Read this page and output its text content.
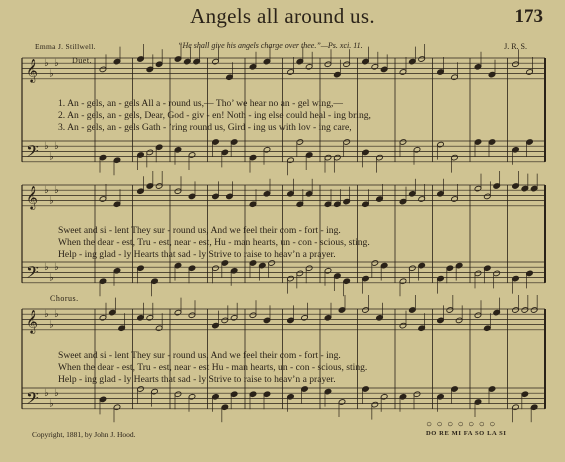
Angels all around us.	173
Emma J. Stillwell.	“He shall give his angels charge over thee.”—Ps. xci. 11.	J. R. S.
𝄞 ♭
♭
♭
𝄢 ♭
♭
♭
𝄞 ♭
♭
♭
𝄢 ♭
♭
♭
𝄞 ♭
♭
♭
𝄢 ♭
♭
♭
Duet.
Chorus.
1. An - gels, an - gels All a - round us,— Tho’ we hear no an - gel wing,—
2. An - gels, an - gels, Dear, God - giv - en! Noth - ing else could heal - ing bring,
3. An - gels, an - gels Gath - ’ring round us, Gird - ing us with lov - ing care,
Sweet and si - lent They sur - round us, And we feel their com - fort - ing.
When the dear - est, Tru - est, near - est, Hu - man hearts, un - con - scious, sting.
Help - ing glad - ly Hearts that sad - ly Strive to raise to heav’n a prayer.
Sweet and si - lent They sur - round us, And we feel their com - fort - ing.
When the dear - est, Tru - est, near - est Hu - man hearts, un - con - scious, sting.
Help - ing glad - ly Hearts that sad - ly Strive to raise to heav’n a prayer.
Copyright, 1881, by John J. Hood.
○ ○ ○ ○ ○ ○ ○
DO RE MI FA SO LA SI
